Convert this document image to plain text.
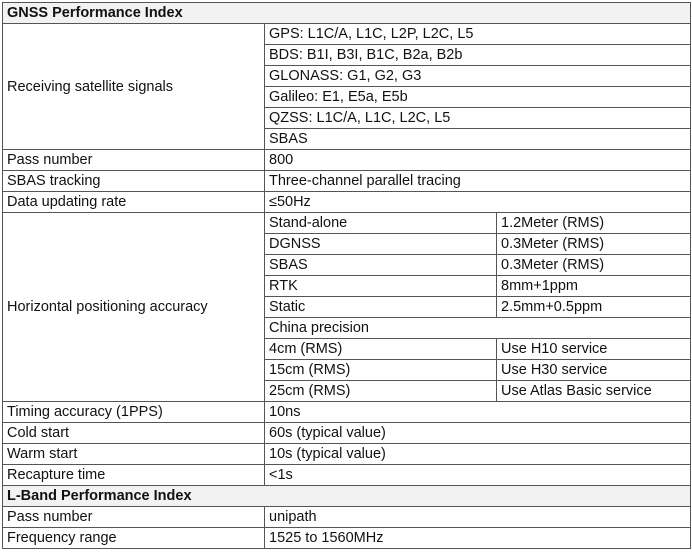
GNSS Performance Index		
Receiving satellite signals	GPS: L1C/A, L1C, L2P, L2C, L5	
	BDS: B1I, B3I, B1C, B2a, B2b	
	GLONASS: G1, G2, G3	
	Galileo: E1, E5a, E5b	
	QZSS: L1C/A, L1C, L2C, L5	
	SBAS	
Pass number	800	
SBAS tracking	Three-channel parallel tracing	
Data updating rate	≤50Hz	
Horizontal positioning accuracy	Stand-alone	1.2Meter (RMS)
	DGNSS	0.3Meter (RMS)
	SBAS	0.3Meter (RMS)
	RTK	8mm+1ppm
	Static	2.5mm+0.5ppm
	China precision	
	4cm (RMS)	Use H10 service
	15cm (RMS)	Use H30 service
	25cm (RMS)	Use Atlas Basic service
Timing accuracy (1PPS)	10ns	
Cold start	60s (typical value)	
Warm start	10s (typical value)	
Recapture time	<1s	
L-Band Performance Index		
Pass number	unipath	
Frequency range	1525 to 1560MHz	
